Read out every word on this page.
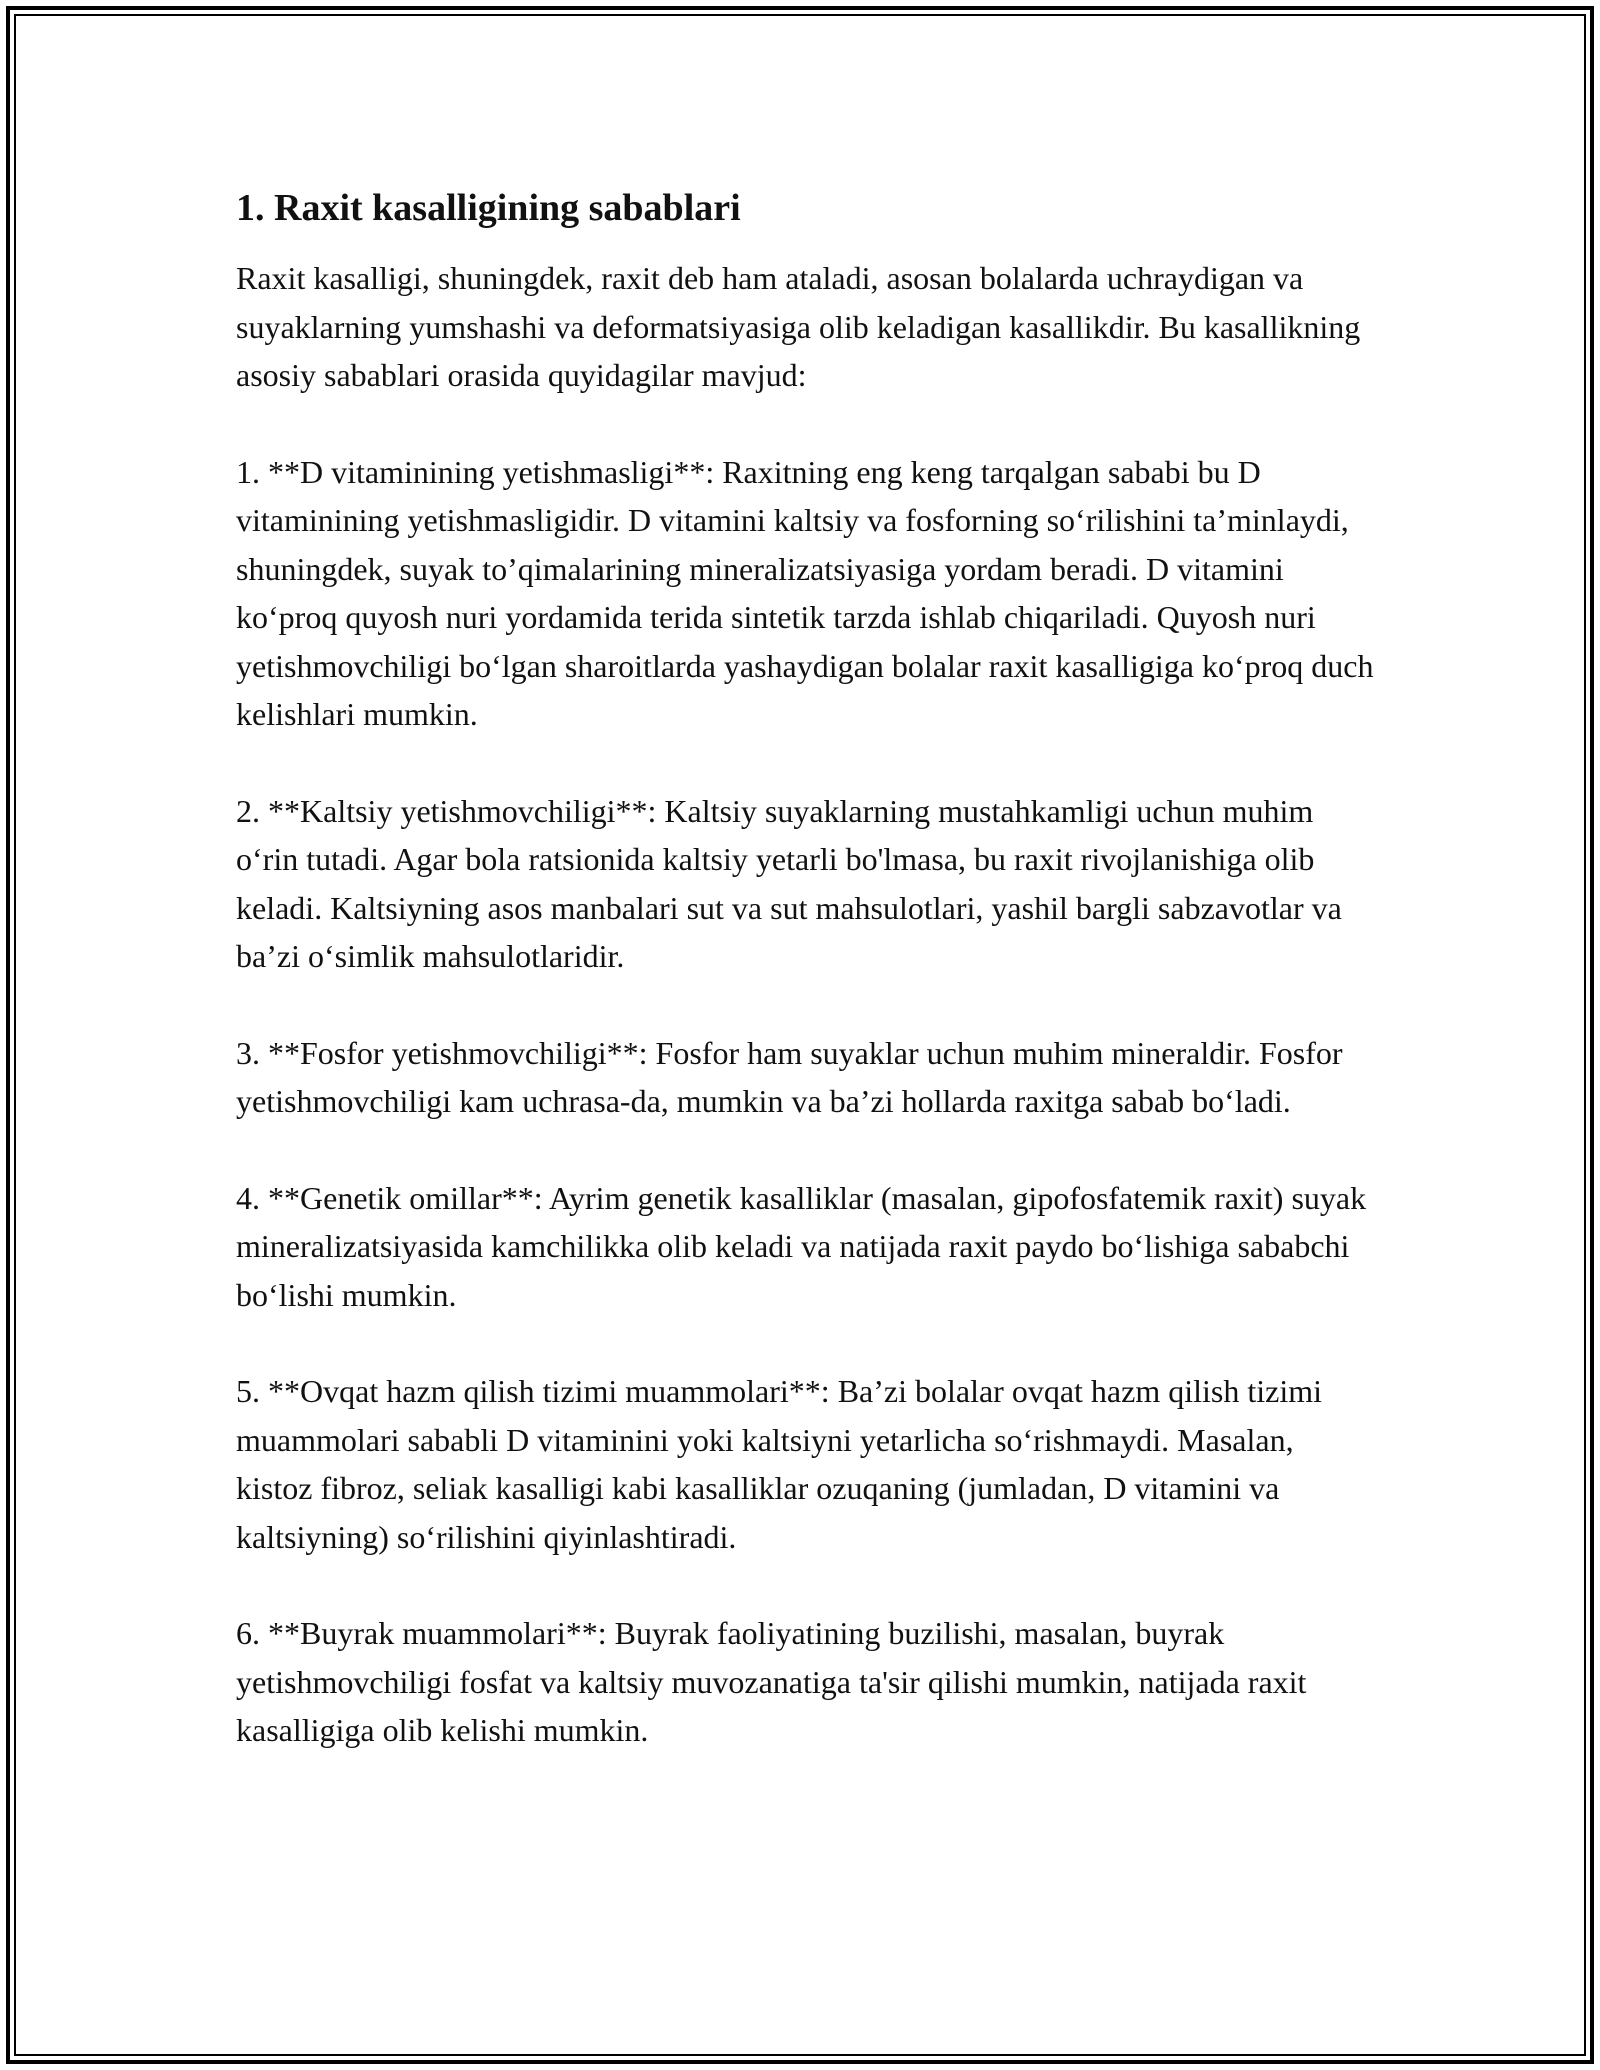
1. Raxit kasalligining sabablari

Raxit kasalligi, shuningdek, raxit deb ham ataladi, asosan bolalarda uchraydigan va suyaklarning yumshashi va deformatsiyasiga olib keladigan kasallikdir. Bu kasallikning asosiy sabablari orasida quyidagilar mavjud:

1. **D vitaminining yetishmasligi**: Raxitning eng keng tarqalgan sababi bu D vitaminining yetishmasligidir. D vitamini kaltsiy va fosforning so‘rilishini ta’minlaydi, shuningdek, suyak to’qimalarining mineralizatsiyasiga yordam beradi. D vitamini ko‘proq quyosh nuri yordamida terida sintetik tarzda ishlab chiqariladi. Quyosh nuri yetishmovchiligi bo‘lgan sharoitlarda yashaydigan bolalar raxit kasalligiga ko‘proq duch kelishlari mumkin.

2. **Kaltsiy yetishmovchiligi**: Kaltsiy suyaklarning mustahkamligi uchun muhim o‘rin tutadi. Agar bola ratsionida kaltsiy yetarli bo'lmasa, bu raxit rivojlanishiga olib keladi. Kaltsiyning asos manbalari sut va sut mahsulotlari, yashil bargli sabzavotlar va ba’zi o‘simlik mahsulotlaridir.

3. **Fosfor yetishmovchiligi**: Fosfor ham suyaklar uchun muhim mineraldir. Fosfor yetishmovchiligi kam uchrasa-da, mumkin va ba’zi hollarda raxitga sabab bo‘ladi.

4. **Genetik omillar**: Ayrim genetik kasalliklar (masalan, gipofosfatemik raxit) suyak mineralizatsiyasida kamchilikka olib keladi va natijada raxit paydo bo‘lishiga sababchi bo‘lishi mumkin.

5. **Ovqat hazm qilish tizimi muammolari**: Ba’zi bolalar ovqat hazm qilish tizimi muammolari sababli D vitaminini yoki kaltsiyni yetarlicha so‘rishmaydi. Masalan, kistoz fibroz, seliak kasalligi kabi kasalliklar ozuqaning (jumladan, D vitamini va kaltsiyning) so‘rilishini qiyinlashtiradi.

6. **Buyrak muammolari**: Buyrak faoliyatining buzilishi, masalan, buyrak yetishmovchiligi fosfat va kaltsiy muvozanatiga ta'sir qilishi mumkin, natijada raxit kasalligiga olib kelishi mumkin.
